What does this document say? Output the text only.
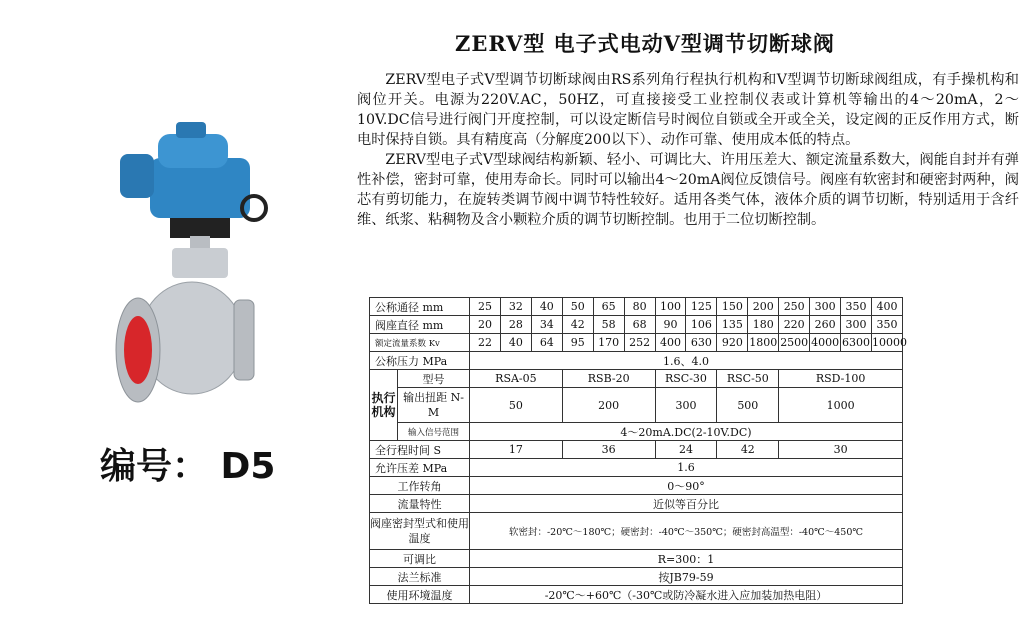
ZERV型 电子式电动V型调节切断球阀

ZERV型电子式V型调节切断球阀由RS系列角行程执行机构和V型调节切断球阀组成，有手操机构和阀位开关。电源为220V.AC，50HZ，可直接接受工业控制仪表或计算机等输出的4～20mA，2～10V.DC信号进行阀门开度控制，可以设定断信号时阀位自锁或全开或全关，设定阀的正反作用方式，断电时保持自锁。具有精度高（分解度200以下）、动作可靠、使用成本低的特点。

ZERV型电子式V型球阀结构新颖、轻小、可调比大、许用压差大、额定流量系数大，阀能自封并有弹性补偿，密封可靠，使用寿命长。同时可以输出4～20mA阀位反馈信号。阀座有软密封和硬密封两种，阀芯有剪切能力，在旋转类调节阀中调节特性较好。适用各类气体，液体介质的调节切断，特别适用于含纤维、纸浆、粘稠物及含小颗粒介质的调节切断控制。也用于二位切断控制。

编号： D5
公称通径 mm		25	32	40	50	65	80	100	125	150	200	250	300	350	400
阀座直径 mm		20	28	34	42	58	68	90	106	135	180	220	260	300	350
额定流量系数 Kv		22	40	64	95	170	252	400	630	920	1800	2500	4000	6300	10000
公称压力 MPa		1.6、4.0													
执行机构	型号	RSA-05			RSB-20			RSC-30		RSC-50		RSD-100			
	输出扭距 N-M	50			200			300		500		1000			
	输入信号范围	4～20mA.DC(2-10V.DC)													
全行程时间 S		17			36			24		42		30			
允许压差 MPa		1.6													
工作转角		0～90°													
流量特性		近似等百分比													
阀座密封型式和使用温度		软密封：-20℃～180℃；硬密封：-40℃～350℃；硬密封高温型：-40℃～450℃													
可调比		R=300：1													
法兰标准		按JB79-59													
使用环境温度		-20℃～+60℃（-30℃或防冷凝水进入应加装加热电阻）													
